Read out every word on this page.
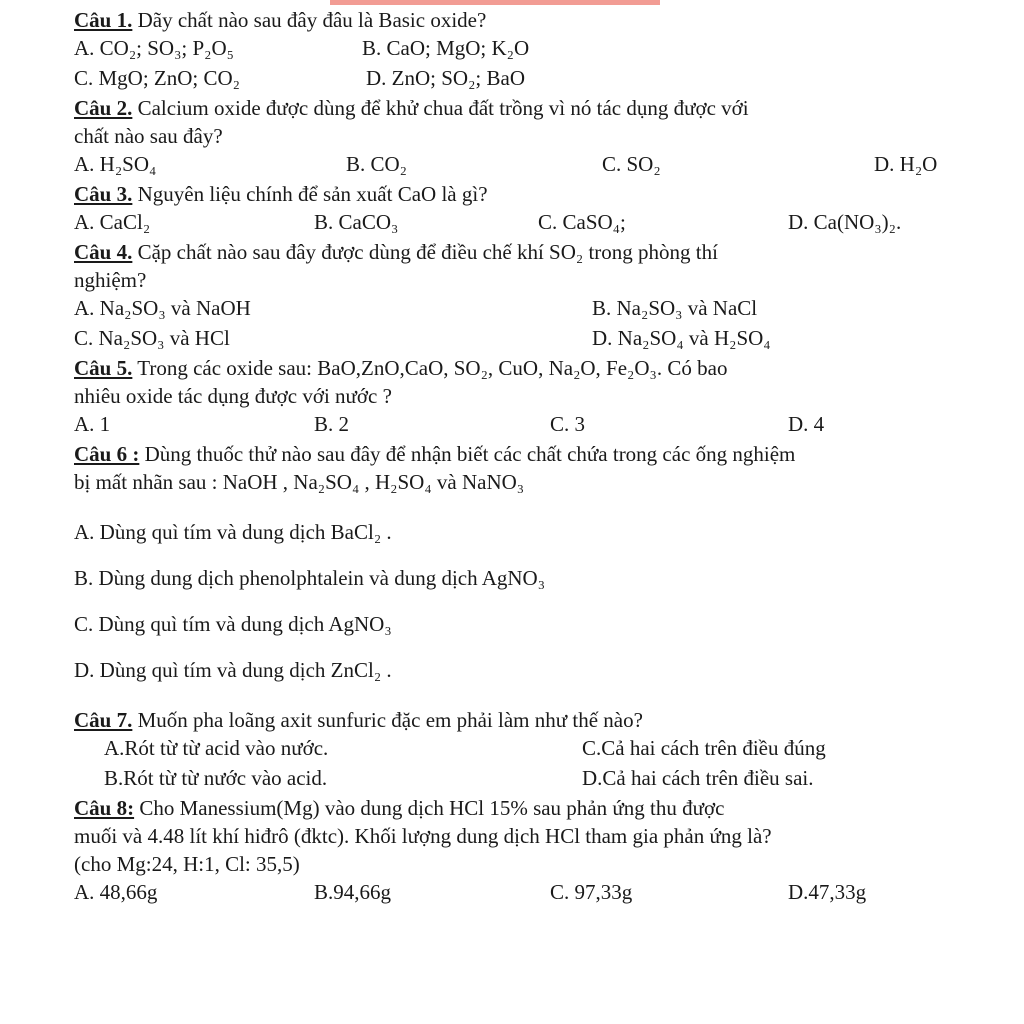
Câu 1. Dãy chất nào sau đây đâu là Basic oxide?
A. CO₂; SO₃; P₂O₅	B. CaO; MgO; K₂O
C. MgO; ZnO; CO₂	D. ZnO; SO₂; BaO
Câu 2. Calcium oxide được dùng để khử chua đất trồng vì nó tác dụng được với
chất nào sau đây?
A. H₂SO₄	B. CO₂	C. SO₂	D. H₂O
Câu 3. Nguyên liệu chính để sản xuất CaO là gì?
A. CaCl₂	B. CaCO₃	C. CaSO₄;	D. Ca(NO₃)₂.
Câu 4. Cặp chất nào sau đây được dùng để điều chế khí SO₂ trong phòng thí
nghiệm?
A. Na₂SO₃ và NaOH	B. Na₂SO₃ và NaCl
C. Na₂SO₃ và HCl	D. Na₂SO₄ và H₂SO₄
Câu 5. Trong các oxide sau: BaO,ZnO,CaO, SO₂, CuO, Na₂O, Fe₂O₃. Có bao
nhiêu oxide tác dụng được với nước ?
A. 1	B. 2	C. 3	D. 4
Câu 6 : Dùng thuốc thử nào sau đây để nhận biết các chất chứa trong các ống nghiệm
bị mất nhãn sau : NaOH , Na₂SO₄ , H₂SO₄ và NaNO₃
A. Dùng quì tím và dung dịch BaCl₂ .
B. Dùng dung dịch phenolphtalein và dung dịch AgNO₃
C. Dùng quì tím và dung dịch AgNO₃
D. Dùng quì tím và dung dịch ZnCl₂ .
Câu 7. Muốn pha loãng axit sunfuric đặc em phải làm như thế nào?
A.Rót từ từ acid vào nước.	C.Cả hai cách trên điều đúng
B.Rót từ từ nước vào acid.	D.Cả hai cách trên điều sai.
Câu 8: Cho Manessium(Mg) vào dung dịch HCl 15% sau phản ứng thu được
muối và 4.48 lít khí hiđrô (đktc). Khối lượng dung dịch HCl tham gia phản ứng là?
(cho Mg:24, H:1, Cl: 35,5)
A. 48,66g	B.94,66g	C. 97,33g	D.47,33g
